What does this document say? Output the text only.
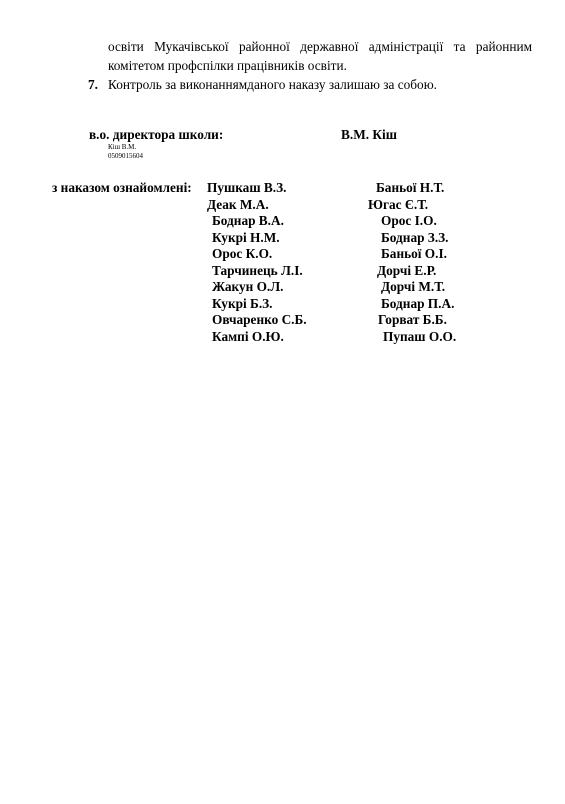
освіти Мукачівської районної державної адміністрації та районним комітетом профспілки працівників освіти.

7. Контроль за виконаннямданого наказу залишаю за собою.
в.о. директора школи:	В.М. Кіш
Кіш В.М.
0509015604
з наказом ознайомлені: Пушкаш В.З.
Деак М.А.
Боднар В.А.
Кукрі Н.М.
Орос К.О.
Тарчинець Л.І.
Жакун О.Л.
Кукрі Б.З.
Овчаренко С.Б.
Кампі О.Ю.
Баньої Н.Т.
Югас Є.Т.
Орос І.О.
Боднар З.З.
Баньої О.І.
Дорчі Е.Р.
Дорчі М.Т.
Боднар П.А.
Горват Б.Б.
Пупаш О.О.
